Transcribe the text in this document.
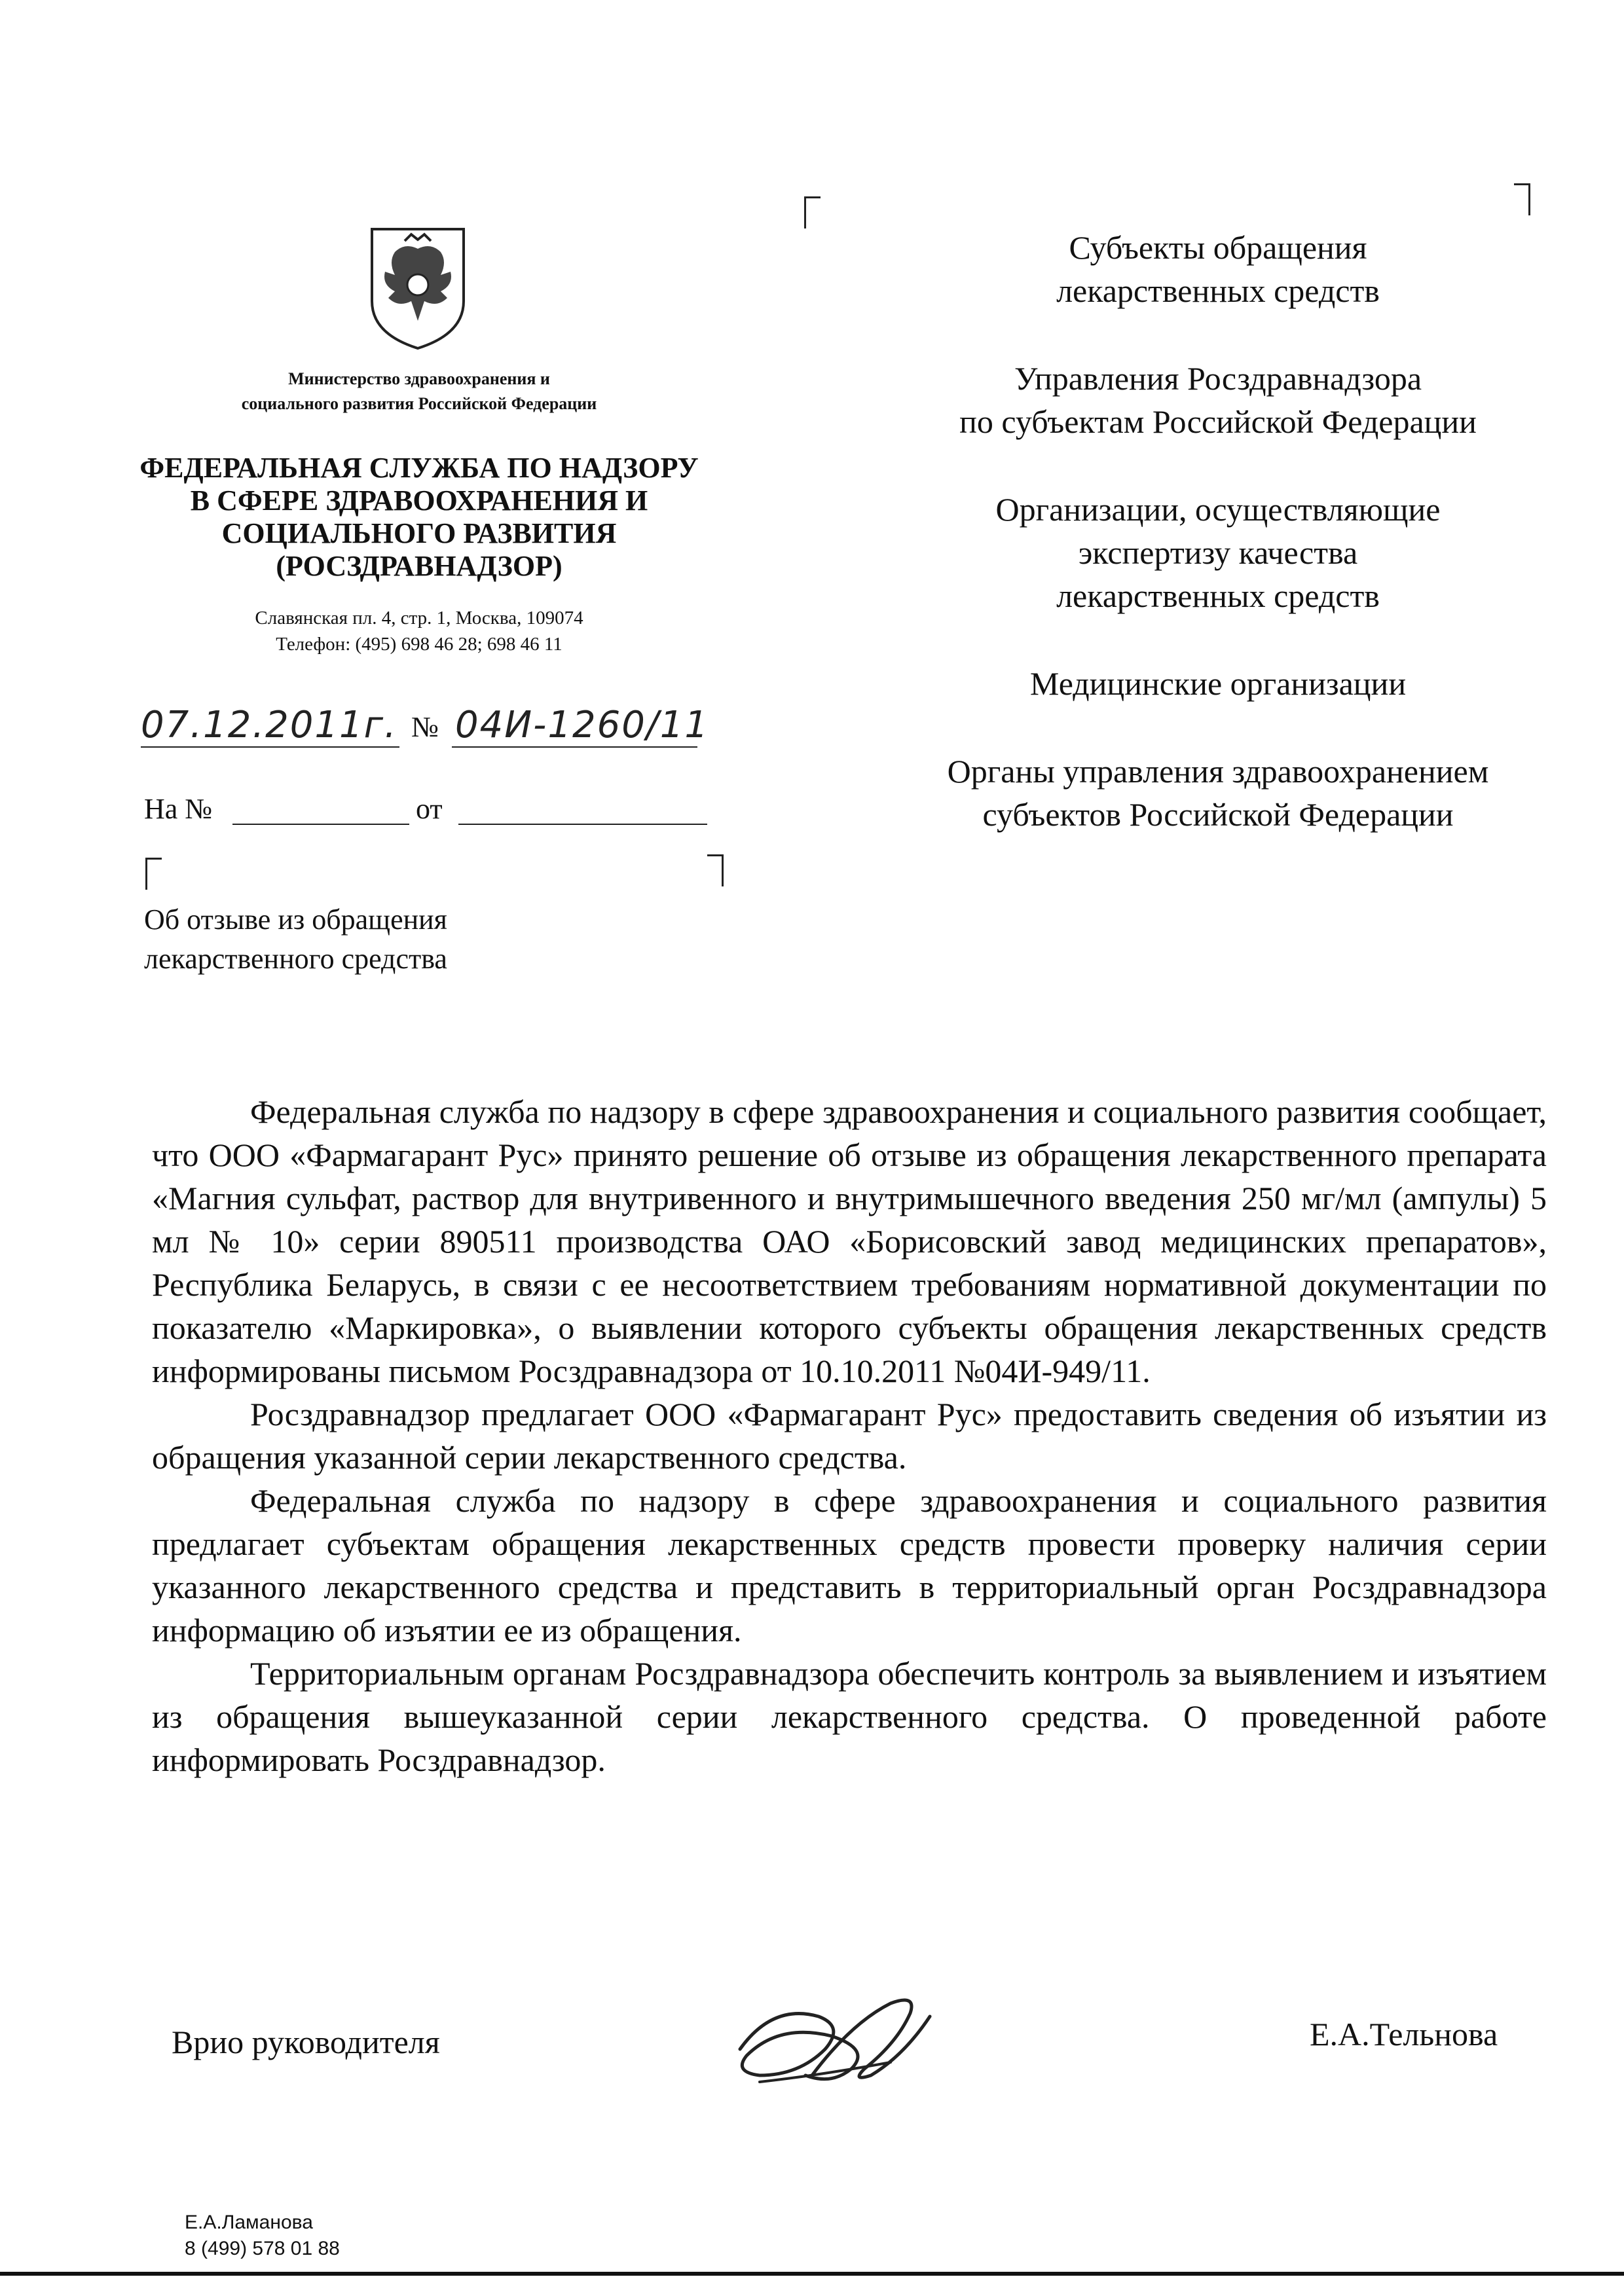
Министерство здравоохранения и
социального развития Российской Федерации
ФЕДЕРАЛЬНАЯ СЛУЖБА ПО НАДЗОРУ
В СФЕРЕ ЗДРАВООХРАНЕНИЯ И
СОЦИАЛЬНОГО РАЗВИТИЯ
(РОСЗДРАВНАДЗОР)
Славянская пл. 4, стр. 1, Москва, 109074
Телефон: (495) 698 46 28; 698 46 11
07.12.2011г. № 04И-1260/11
На №	от
Об отзыве из обращения
лекарственного средства
Субъекты обращения
лекарственных средств
Управления Росздравнадзора
по субъектам Российской Федерации
Организации, осуществляющие
экспертизу качества
лекарственных средств
Медицинские организации
Органы управления здравоохранением
субъектов Российской Федерации

Федеральная служба по надзору в сфере здравоохранения и социального развития сообщает, что ООО «Фармагарант Рус» принято решение об отзыве из обращения лекарственного препарата «Магния сульфат, раствор для внутривенного и внутримышечного введения 250 мг/мл (ампулы) 5 мл № 10» серии 890511 производства ОАО «Борисовский завод медицинских препаратов», Республика Беларусь, в связи с ее несоответствием требованиям нормативной документации по показателю «Маркировка», о выявлении которого субъекты обращения лекарственных средств информированы письмом Росздравнадзора от 10.10.2011 №04И-949/11.

Росздравнадзор предлагает ООО «Фармагарант Рус» предоставить сведения об изъятии из обращения указанной серии лекарственного средства.

Федеральная служба по надзору в сфере здравоохранения и социального развития предлагает субъектам обращения лекарственных средств провести проверку наличия серии указанного лекарственного средства и представить в территориальный орган Росздравнадзора информацию об изъятии ее из обращения.

Территориальным органам Росздравнадзора обеспечить контроль за выявлением и изъятием из обращения вышеуказанной серии лекарственного средства. О проведенной работе информировать Росздравнадзор.

Врио руководителя	Е.А.Тельнова
Е.А.Ламанова
8 (499) 578 01 88
